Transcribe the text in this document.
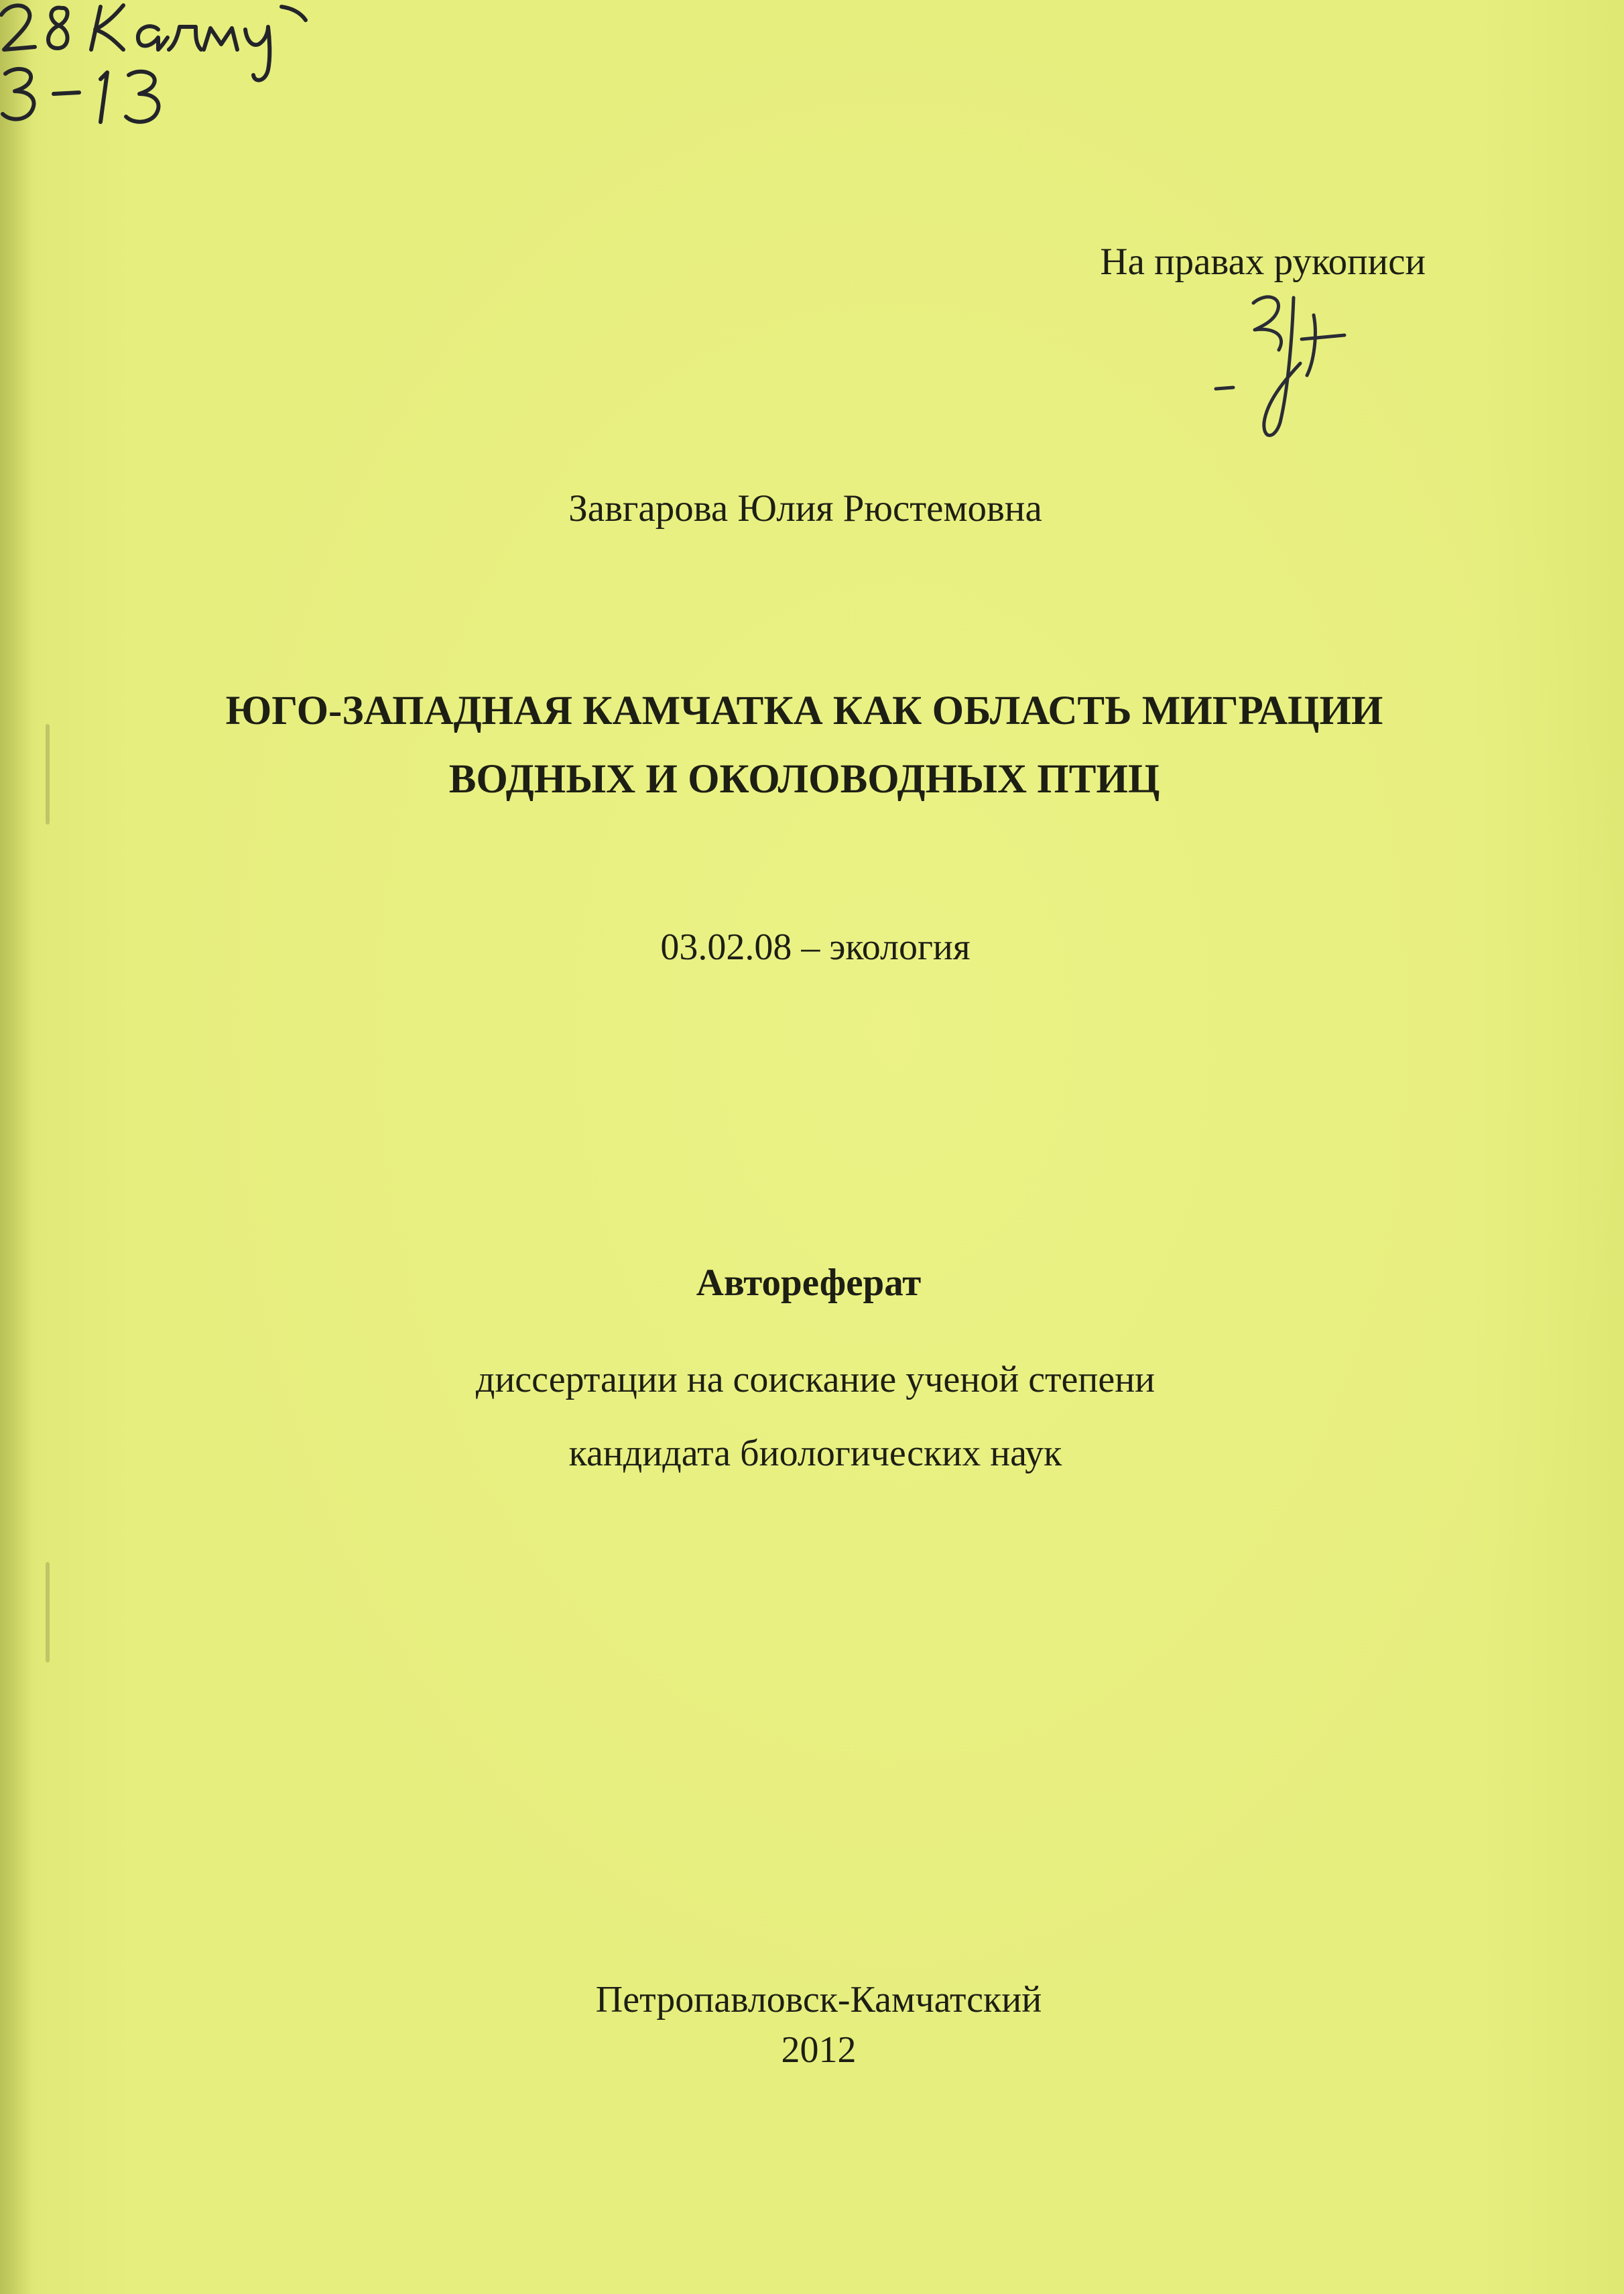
На правах рукописи
Завгарова Юлия Рюстемовна
ЮГО-ЗАПАДНАЯ КАМЧАТКА КАК ОБЛАСТЬ МИГРАЦИИ
ВОДНЫХ И ОКОЛОВОДНЫХ ПТИЦ
03.02.08 – экология
Автореферат
диссертации на соискание ученой степени
кандидата биологических наук
Петропавловск-Камчатский
2012
